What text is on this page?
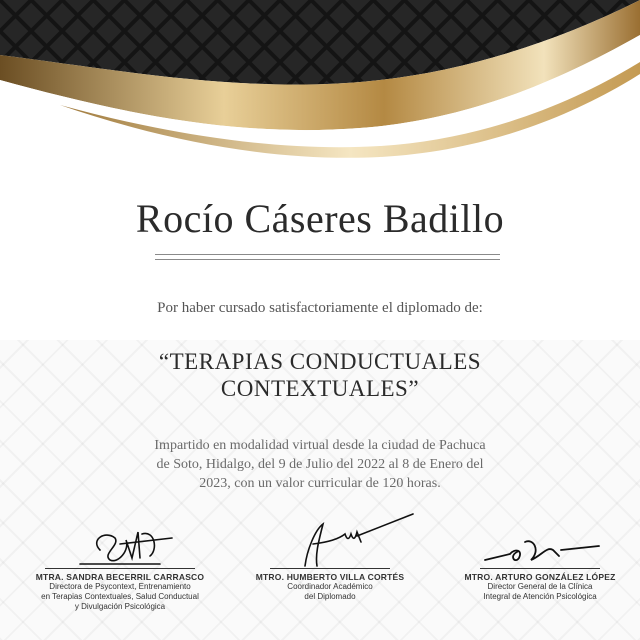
Rocío Cáseres Badillo
Por haber cursado satisfactoriamente el diplomado de:
“TERAPIAS CONDUCTUALES
CONTEXTUALES”
Impartido en modalidad virtual desde la ciudad de Pachuca
de Soto, Hidalgo, del 9 de Julio del 2022 al 8 de Enero del
2023, con un valor curricular de 120 horas.
MTRA. SANDRA BECERRIL CARRASCO
Directora de Psycontext, Entrenamiento
en Terapias Contextuales, Salud Conductual
y Divulgación Psicológica
MTRO. HUMBERTO VILLA CORTÉS
Coordinador Académico
del Diplomado
MTRO. ARTURO GONZÁLEZ LÓPEZ
Director General de la Clínica
Integral de Atención Psicológica
